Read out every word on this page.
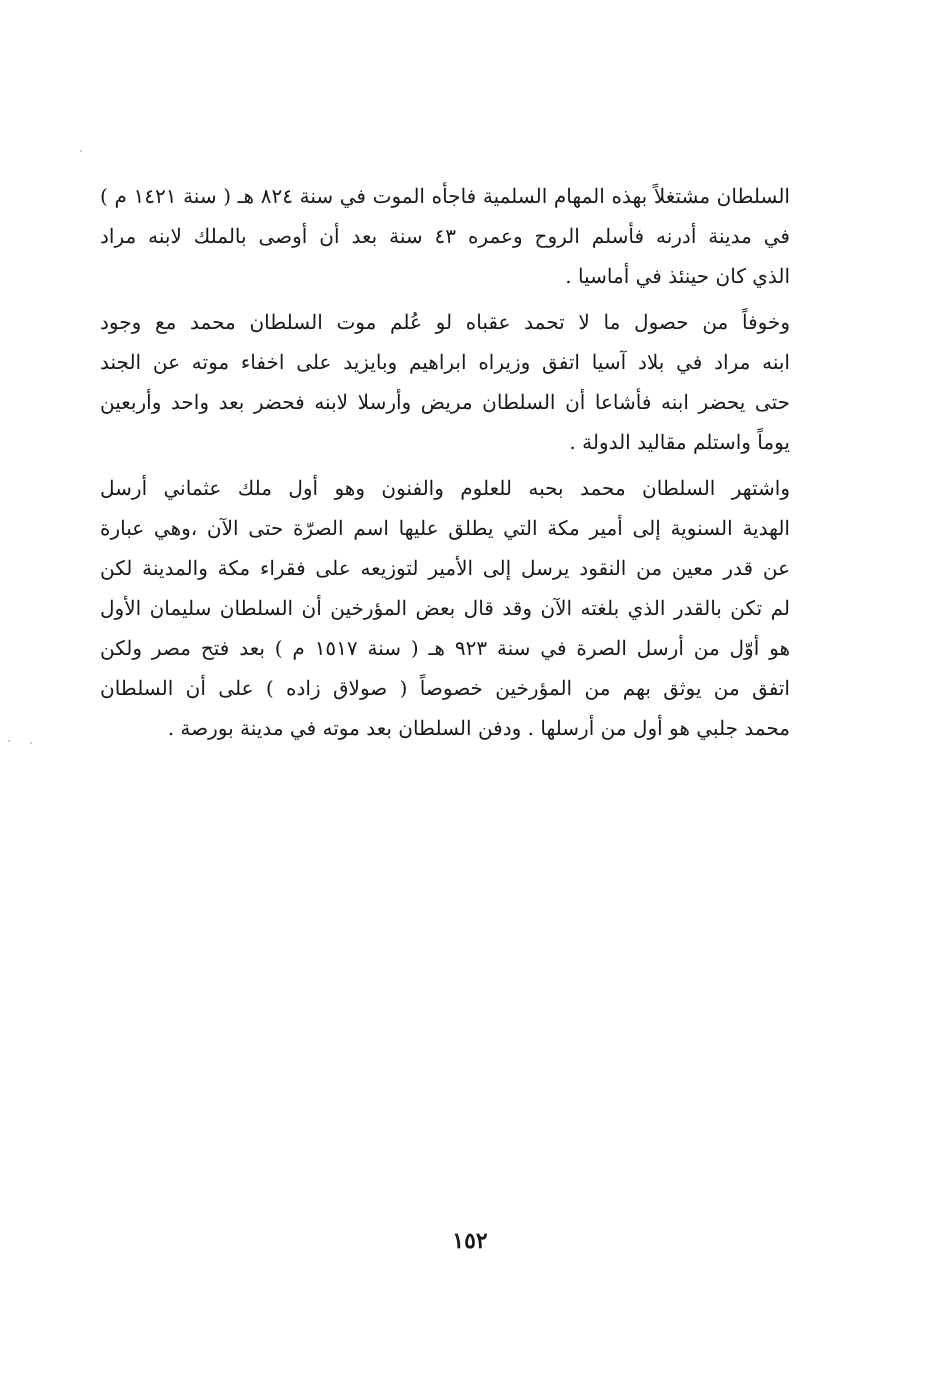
السلطان مشتغلاً بهذه المهام السلمية فاجأه الموت في سنة ٨٢٤ هـ ( سنة ١٤٢١ م )
في مدينة أدرنه فأسلم الروح وعمره ٤٣ سنة بعد أن أوصى بالملك لابنه مراد
الذي كان حينئذ في أماسيا .
وخوفاً من حصول ما لا تحمد عقباه لو عُلم موت السلطان محمد مع وجود
ابنه مراد في بلاد آسيا اتفق وزيراه ابراهيم وبايزيد على اخفاء موته عن الجند
حتى يحضر ابنه فأشاعا أن السلطان مريض وأرسلا لابنه فحضر بعد واحد وأربعين
يوماً واستلم مقاليد الدولة .
واشتهر السلطان محمد بحبه للعلوم والفنون وهو أول ملك عثماني أرسل
الهدية السنوية إلى أمير مكة التي يطلق عليها اسم الصرّة حتى الآن ،وهي عبارة
عن قدر معين من النقود يرسل إلى الأمير لتوزيعه على فقراء مكة والمدينة لكن
لم تكن بالقدر الذي بلغته الآن وقد قال بعض المؤرخين أن السلطان سليمان الأول
هو أوّل من أرسل الصرة في سنة ٩٢٣ هـ ( سنة ١٥١٧ م ) بعد فتح مصر ولكن
اتفق من يوثق بهم من المؤرخين خصوصاً ( صولاق زاده ) على أن السلطان
محمد جلبي هو أول من أرسلها . ودفن السلطان بعد موته في مدينة بورصة .
١٥٢
